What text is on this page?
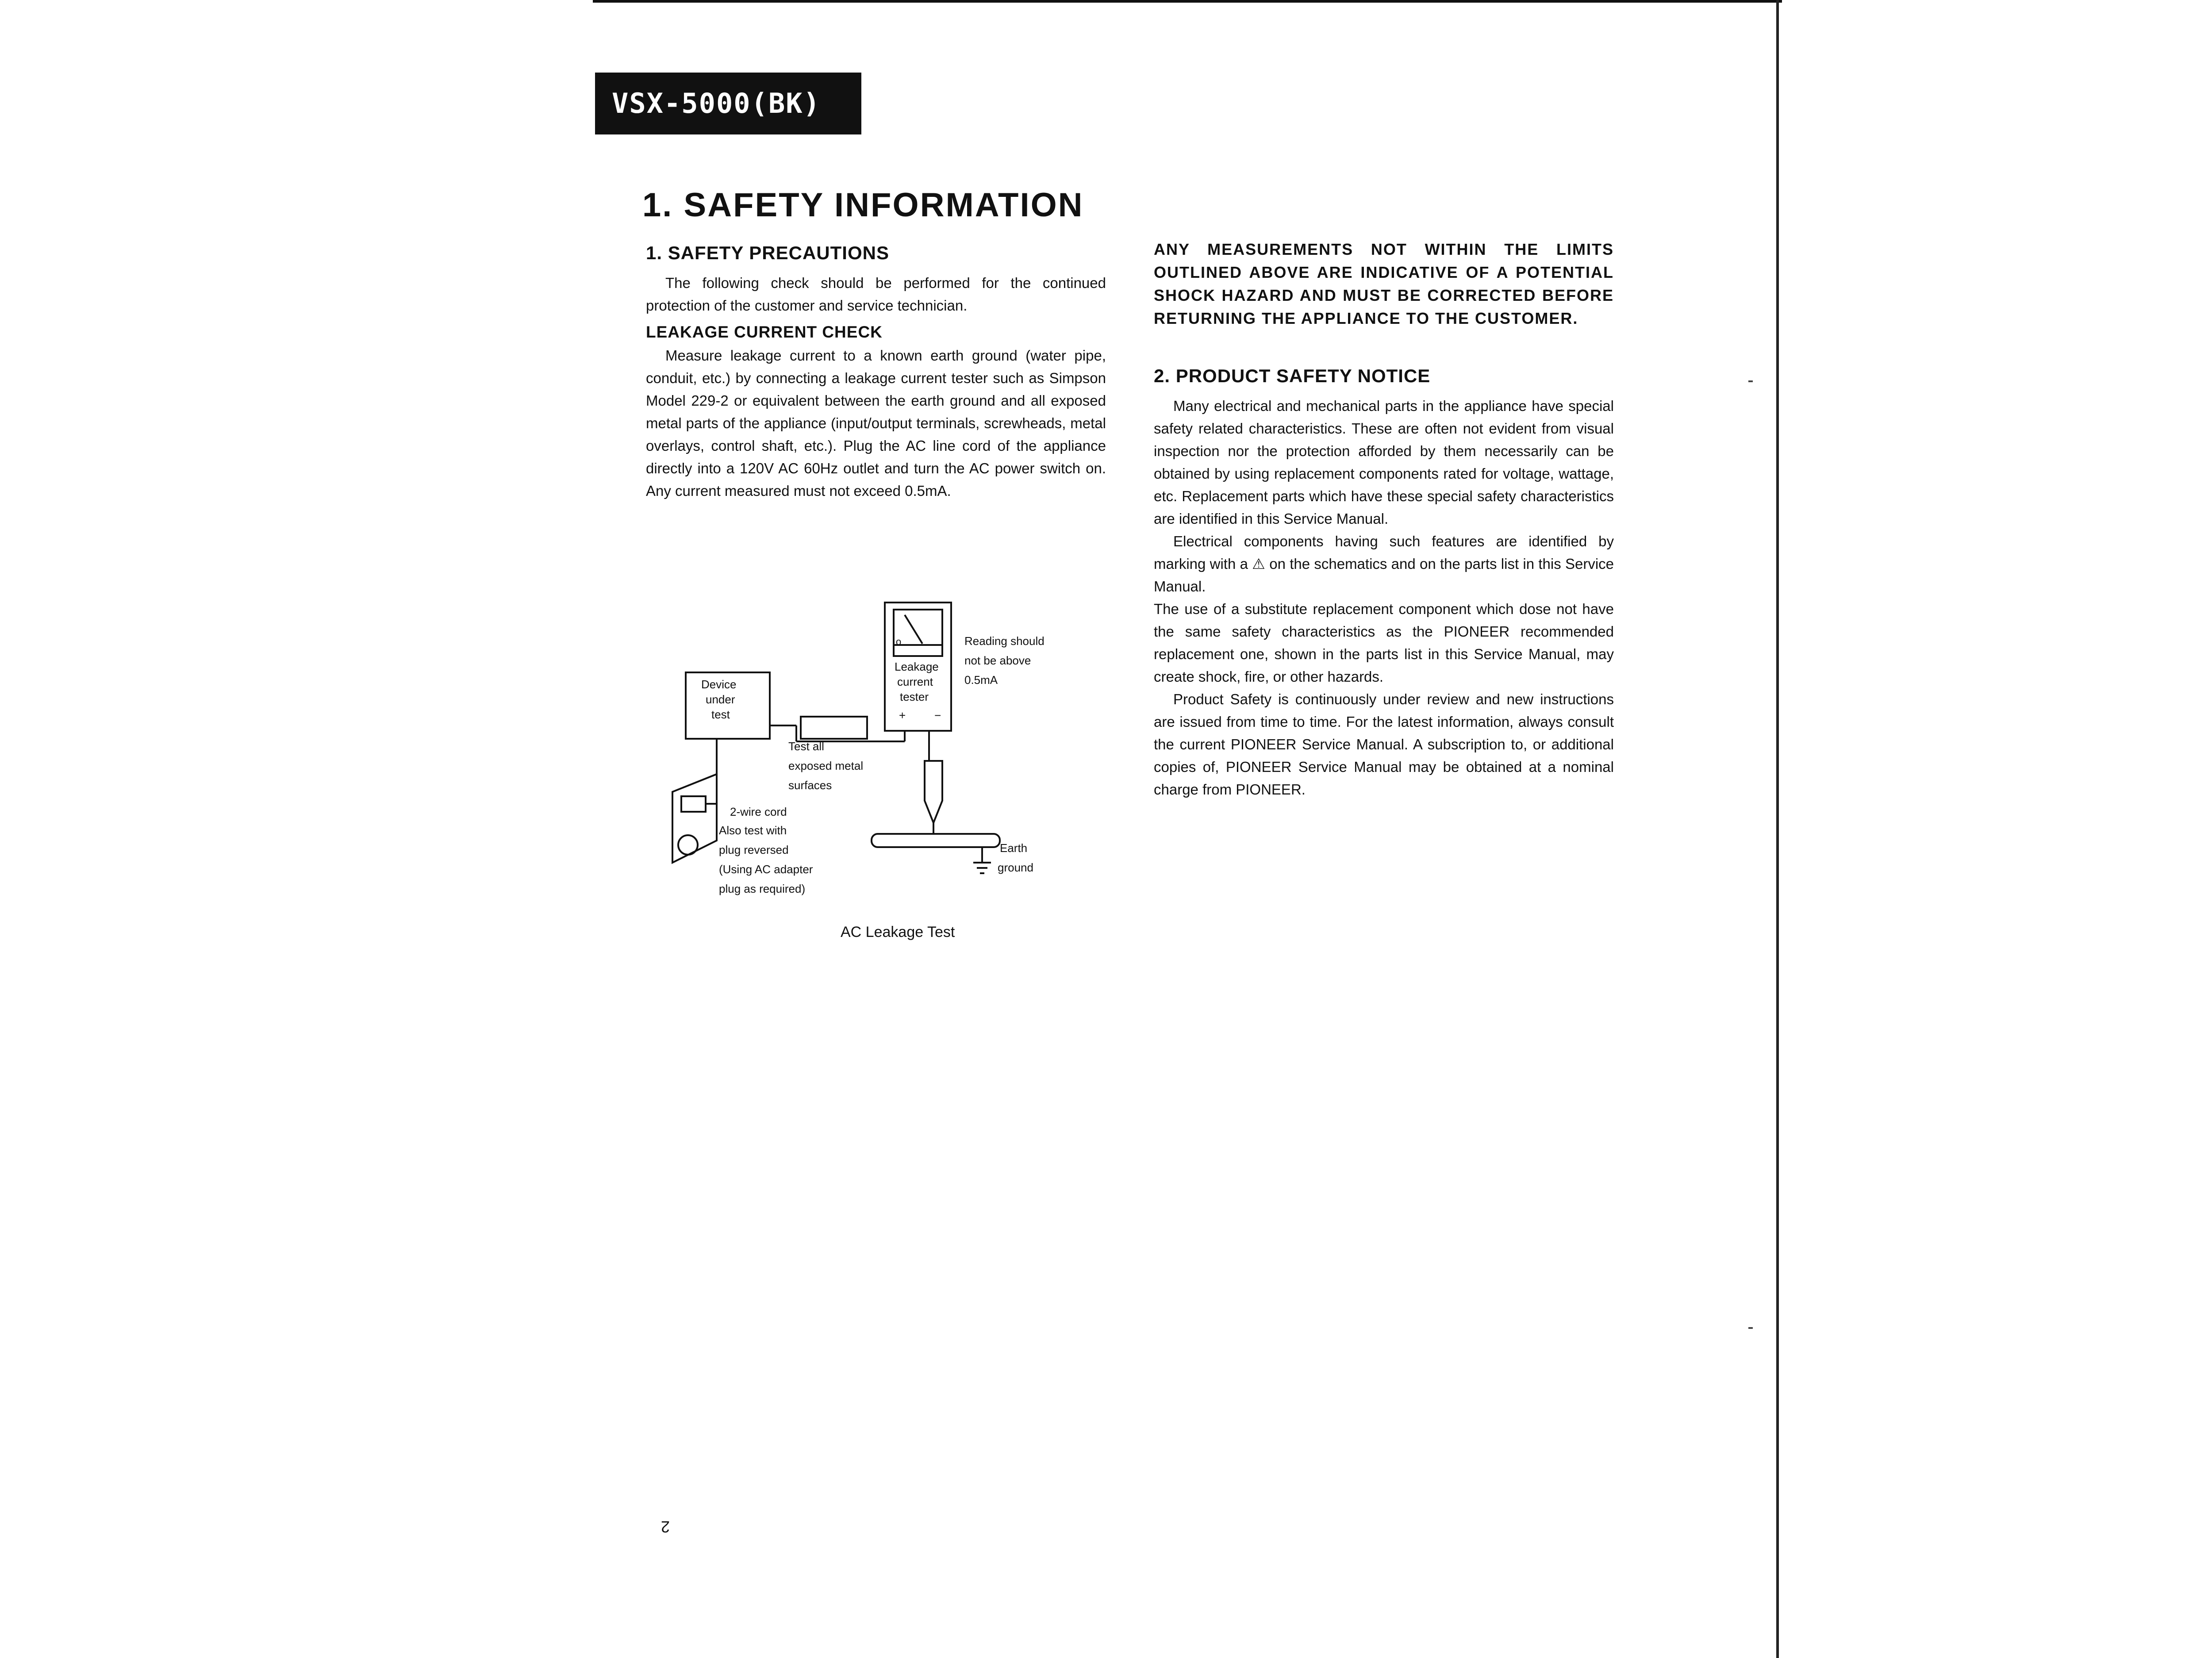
VSX-5000(BK)
1. SAFETY INFORMATION
1. SAFETY PRECAUTIONS

The following check should be performed for the continued protection of the customer and service technician.

LEAKAGE CURRENT CHECK

Measure leakage current to a known earth ground (water pipe, conduit, etc.) by connecting a leakage current tester such as Simpson Model 229-2 or equivalent between the earth ground and all exposed metal parts of the appliance (input/output terminals, screwheads, metal overlays, control shaft, etc.). Plug the AC line cord of the appliance directly into a 120V AC 60Hz outlet and turn the AC power switch on. Any current measured must not exceed 0.5mA.

o
Device
under
test
Leakage
current
tester
+ −
Reading should
not be above
0.5mA
Test all
exposed metal
surfaces
2-wire cord
Also test with
plug reversed
(Using AC adapter
plug as required)
Earth
ground
AC Leakage Test

ANY MEASUREMENTS NOT WITHIN THE LIMITS OUTLINED ABOVE ARE INDICATIVE OF A POTENTIAL SHOCK HAZARD AND MUST BE CORRECTED BEFORE RETURNING THE APPLIANCE TO THE CUSTOMER.

2. PRODUCT SAFETY NOTICE

Many electrical and mechanical parts in the appliance have special safety related characteristics. These are often not evident from visual inspection nor the protection afforded by them necessarily can be obtained by using replacement components rated for voltage, wattage, etc. Replacement parts which have these special safety characteristics are identified in this Service Manual.

Electrical components having such features are identified by marking with a ⚠ on the schematics and on the parts list in this Service Manual.

The use of a substitute replacement component which dose not have the same safety characteristics as the PIONEER recommended replacement one, shown in the parts list in this Service Manual, may create shock, fire, or other hazards.

Product Safety is continuously under review and new instructions are issued from time to time. For the latest information, always consult the current PIONEER Service Manual. A subscription to, or additional copies of, PIONEER Service Manual may be obtained at a nominal charge from PIONEER.

2
